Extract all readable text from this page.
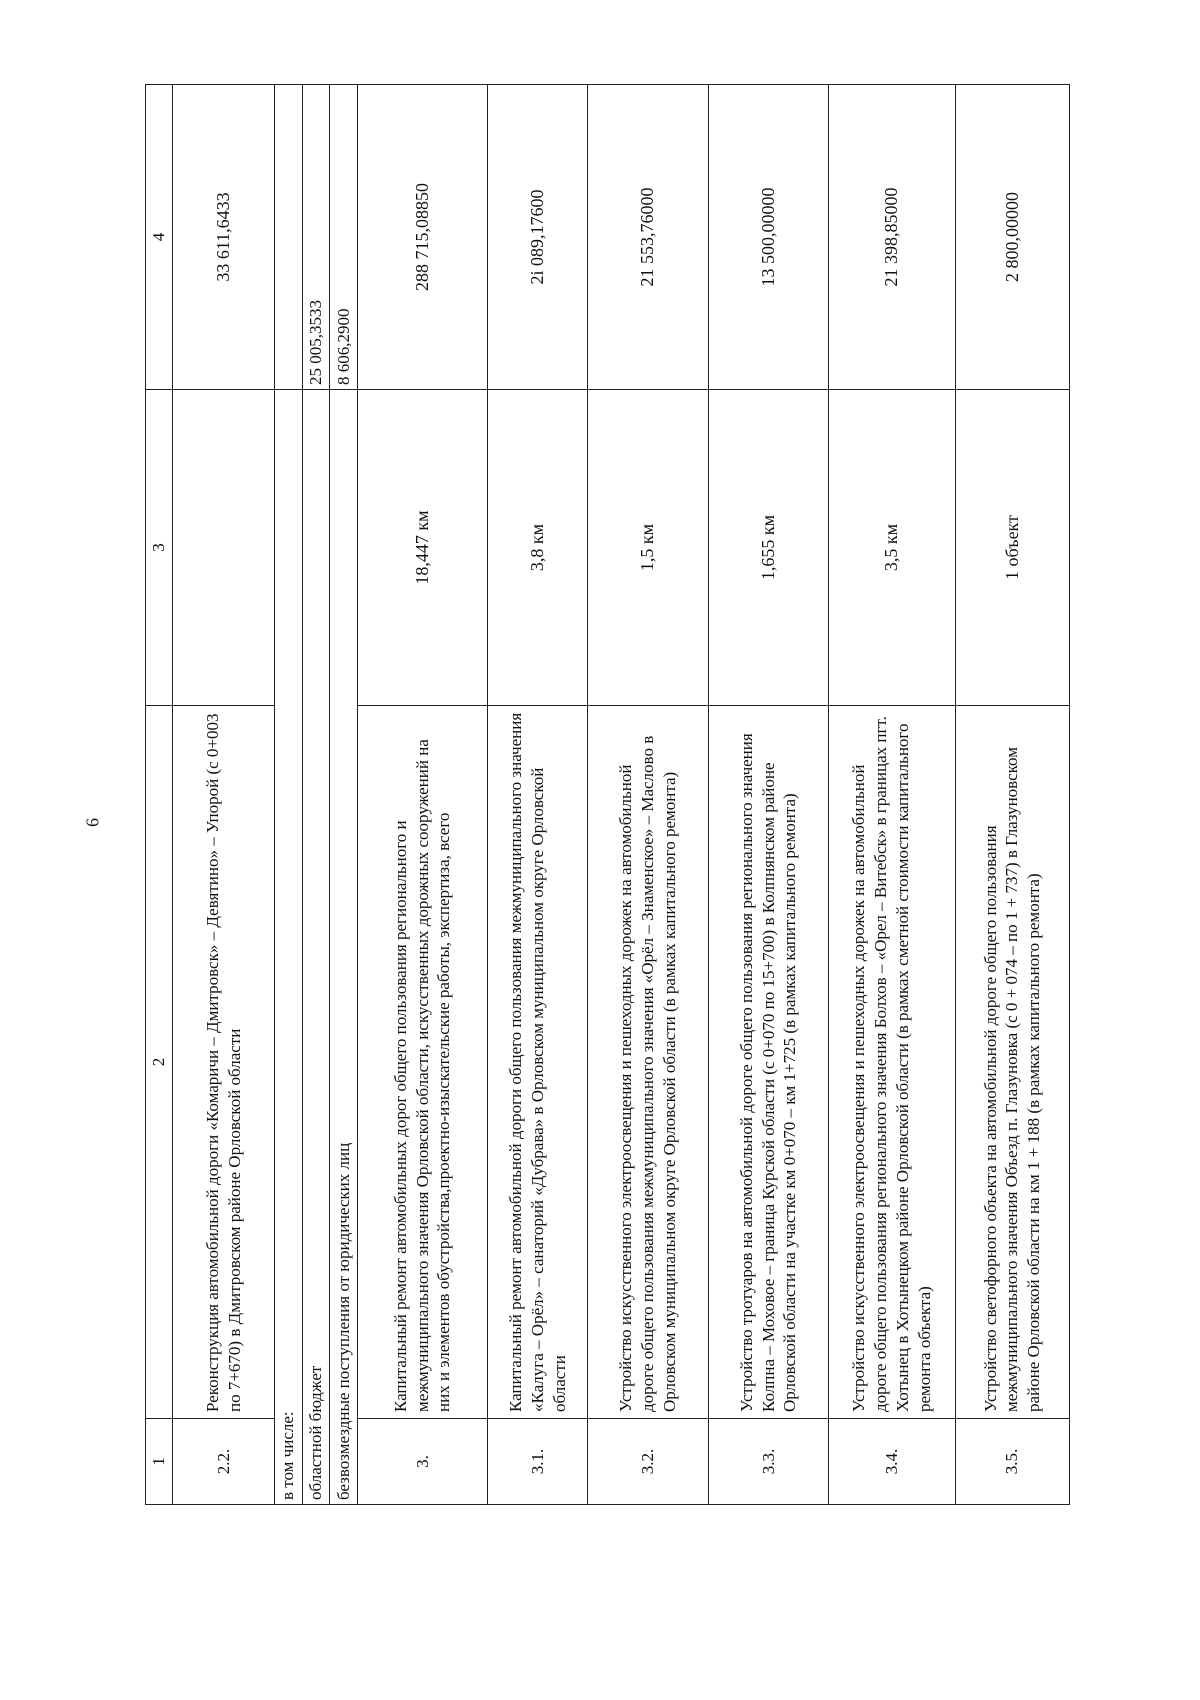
6
1	2	3	4
2.2.	Реконструкция автомобильной дороги «Комаричи – Дмитровск» – Девятино» – Упорой (с 0+003 по 7+670) в Дмитровском районе Орловской области		33 611,6433
в том числе:			
областной бюджет			25 005,3533
безвозмездные поступления от юридических лиц			8 606,2900
3.	Капитальный ремонт автомобильных дорог общего пользования регионального и межмуниципального значения Орловской области, искусственных дорожных сооружений на них и элементов обустройства,проектно-изыскательские работы, экспертиза, всего	18,447 км	288 715,08850
3.1.	Капитальный ремонт автомобильной дороги общего пользования межмуниципального значения «Калуга – Орёл» – санаторий «Дубрава» в Орловском муниципальном округе Орловской области	3,8 км	2i 089,17600
3.2.	Устройство искусственного электроосвещения и пешеходных дорожек на автомобильной дороге общего пользования межмуниципального значения «Орёл – Знаменское» – Маслово в Орловском муниципальном округе Орловской области (в рамках капитального ремонта)	1,5 км	21 553,76000
3.3.	Устройство тротуаров на автомобильной дороге общего пользования регионального значения Колпна – Моховое – граница Курской области (с 0+070 по 15+700) в Колпнянском районе Орловской области на участке км 0+070 – км 1+725 (в рамках капитального ремонта)	1,655 км	13 500,00000
3.4.	Устройство искусственного электроосвещения и пешеходных дорожек на автомобильной дороге общего пользования регионального значения Болхов – «Орел – Витебск» в границах пгт. Хотынец в Хотынецком районе Орловской области (в рамках сметной стоимости капитального ремонта объекта)	3,5 км	21 398,85000
3.5.	Устройство светофорного объекта на автомобильной дороге общего пользования межмуниципального значения Объезд п. Глазуновка (с 0 + 074 – по 1 + 737) в Глазуновском районе Орловской области на км 1 + 188 (в рамках капитального ремонта)	1 объект	2 800,00000
